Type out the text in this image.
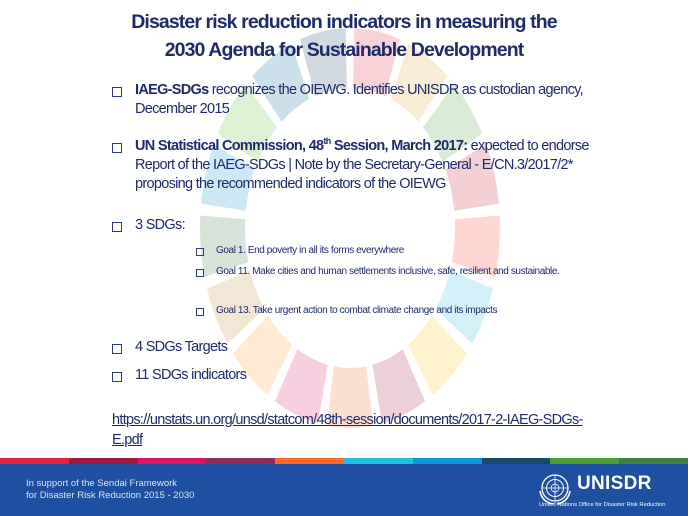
Disaster risk reduction indicators in measuring the
2030 Agenda for Sustainable Development
IAEG-SDGs recognizes the OIEWG. Identifies UNISDR as custodian agency, December 2015
UN Statistical Commission, 48th Session, March 2017: expected to endorse Report of the IAEG-SDGs | Note by the Secretary-General - E/CN.3/2017/2* proposing the recommended indicators of the OIEWG
3 SDGs:
4 SDGs Targets
11 SDGs indicators
Goal 1. End poverty in all its forms everywhere
Goal 11. Make cities and human settlements inclusive, safe, resilient and sustainable.
Goal 13. Take urgent action to combat climate change and its impacts
https://unstats.un.org/unsd/statcom/48th-session/documents/2017-2-IAEG-SDGs-E.pdf
In support of the Sendai Framework
for Disaster Risk Reduction 2015 - 2030
UNISDR
United Nations Office for Disaster Risk Reduction
